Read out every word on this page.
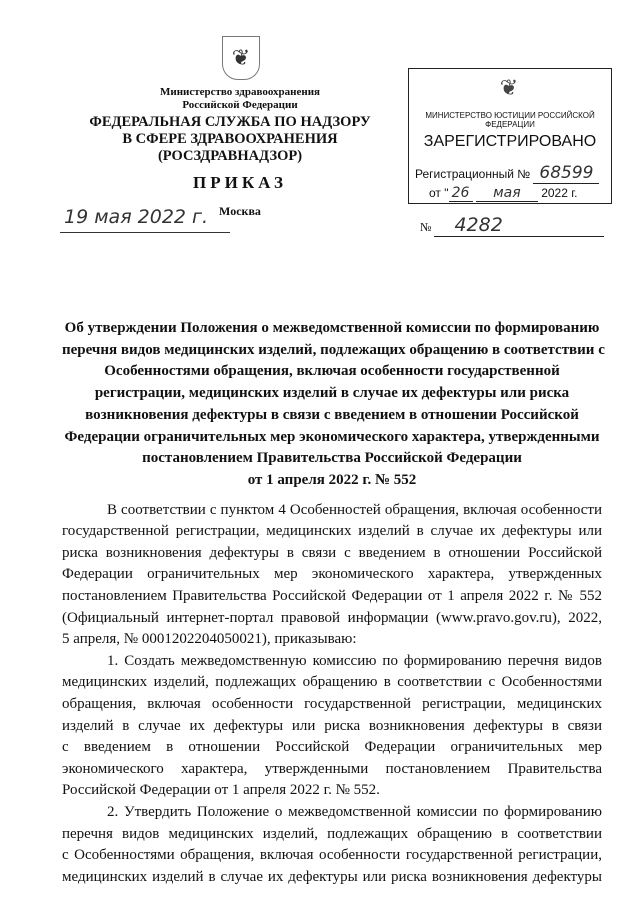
❦
Министерство здравоохранения
Российской Федерации
ФЕДЕРАЛЬНАЯ СЛУЖБА ПО НАДЗОРУ
В СФЕРЕ ЗДРАВООХРАНЕНИЯ
(РОСЗДРАВНАДЗОР)
❦
МИНИСТЕРСТВО ЮСТИЦИИ РОССИЙСКОЙ ФЕДЕРАЦИИ
ЗАРЕГИСТРИРОВАНО
Регистрационный № 68599
от " 26 мая 2022 г.
ПРИКАЗ
Москва
19 мая 2022 г.	№ 4282
Об утверждении Положения о межведомственной комиссии по формированию
перечня видов медицинских изделий, подлежащих обращению в соответствии с
Особенностями обращения, включая особенности государственной
регистрации, медицинских изделий в случае их дефектуры или риска
возникновения дефектуры в связи с введением в отношении Российской
Федерации ограничительных мер экономического характера, утвержденными
постановлением Правительства Российской Федерации
от 1 апреля 2022 г. № 552
В соответствии с пунктом 4 Особенностей обращения, включая особенности
государственной регистрации, медицинских изделий в случае их дефектуры или
риска возникновения дефектуры в связи с введением в отношении Российской
Федерации ограничительных мер экономического характера, утвержденных
постановлением Правительства Российской Федерации от 1 апреля 2022 г. № 552
(Официальный интернет-портал правовой информации (www.pravo.gov.ru), 2022,
5 апреля, № 0001202204050021), приказываю:
1. Создать межведомственную комиссию по формированию перечня видов
медицинских изделий, подлежащих обращению в соответствии с Особенностями
обращения, включая особенности государственной регистрации, медицинских
изделий в случае их дефектуры или риска возникновения дефектуры в связи
с введением в отношении Российской Федерации ограничительных мер
экономического характера, утвержденными постановлением Правительства
Российской Федерации от 1 апреля 2022 г. № 552.
2. Утвердить Положение о межведомственной комиссии по формированию
перечня видов медицинских изделий, подлежащих обращению в соответствии
с Особенностями обращения, включая особенности государственной регистрации,
медицинских изделий в случае их дефектуры или риска возникновения дефектуры
